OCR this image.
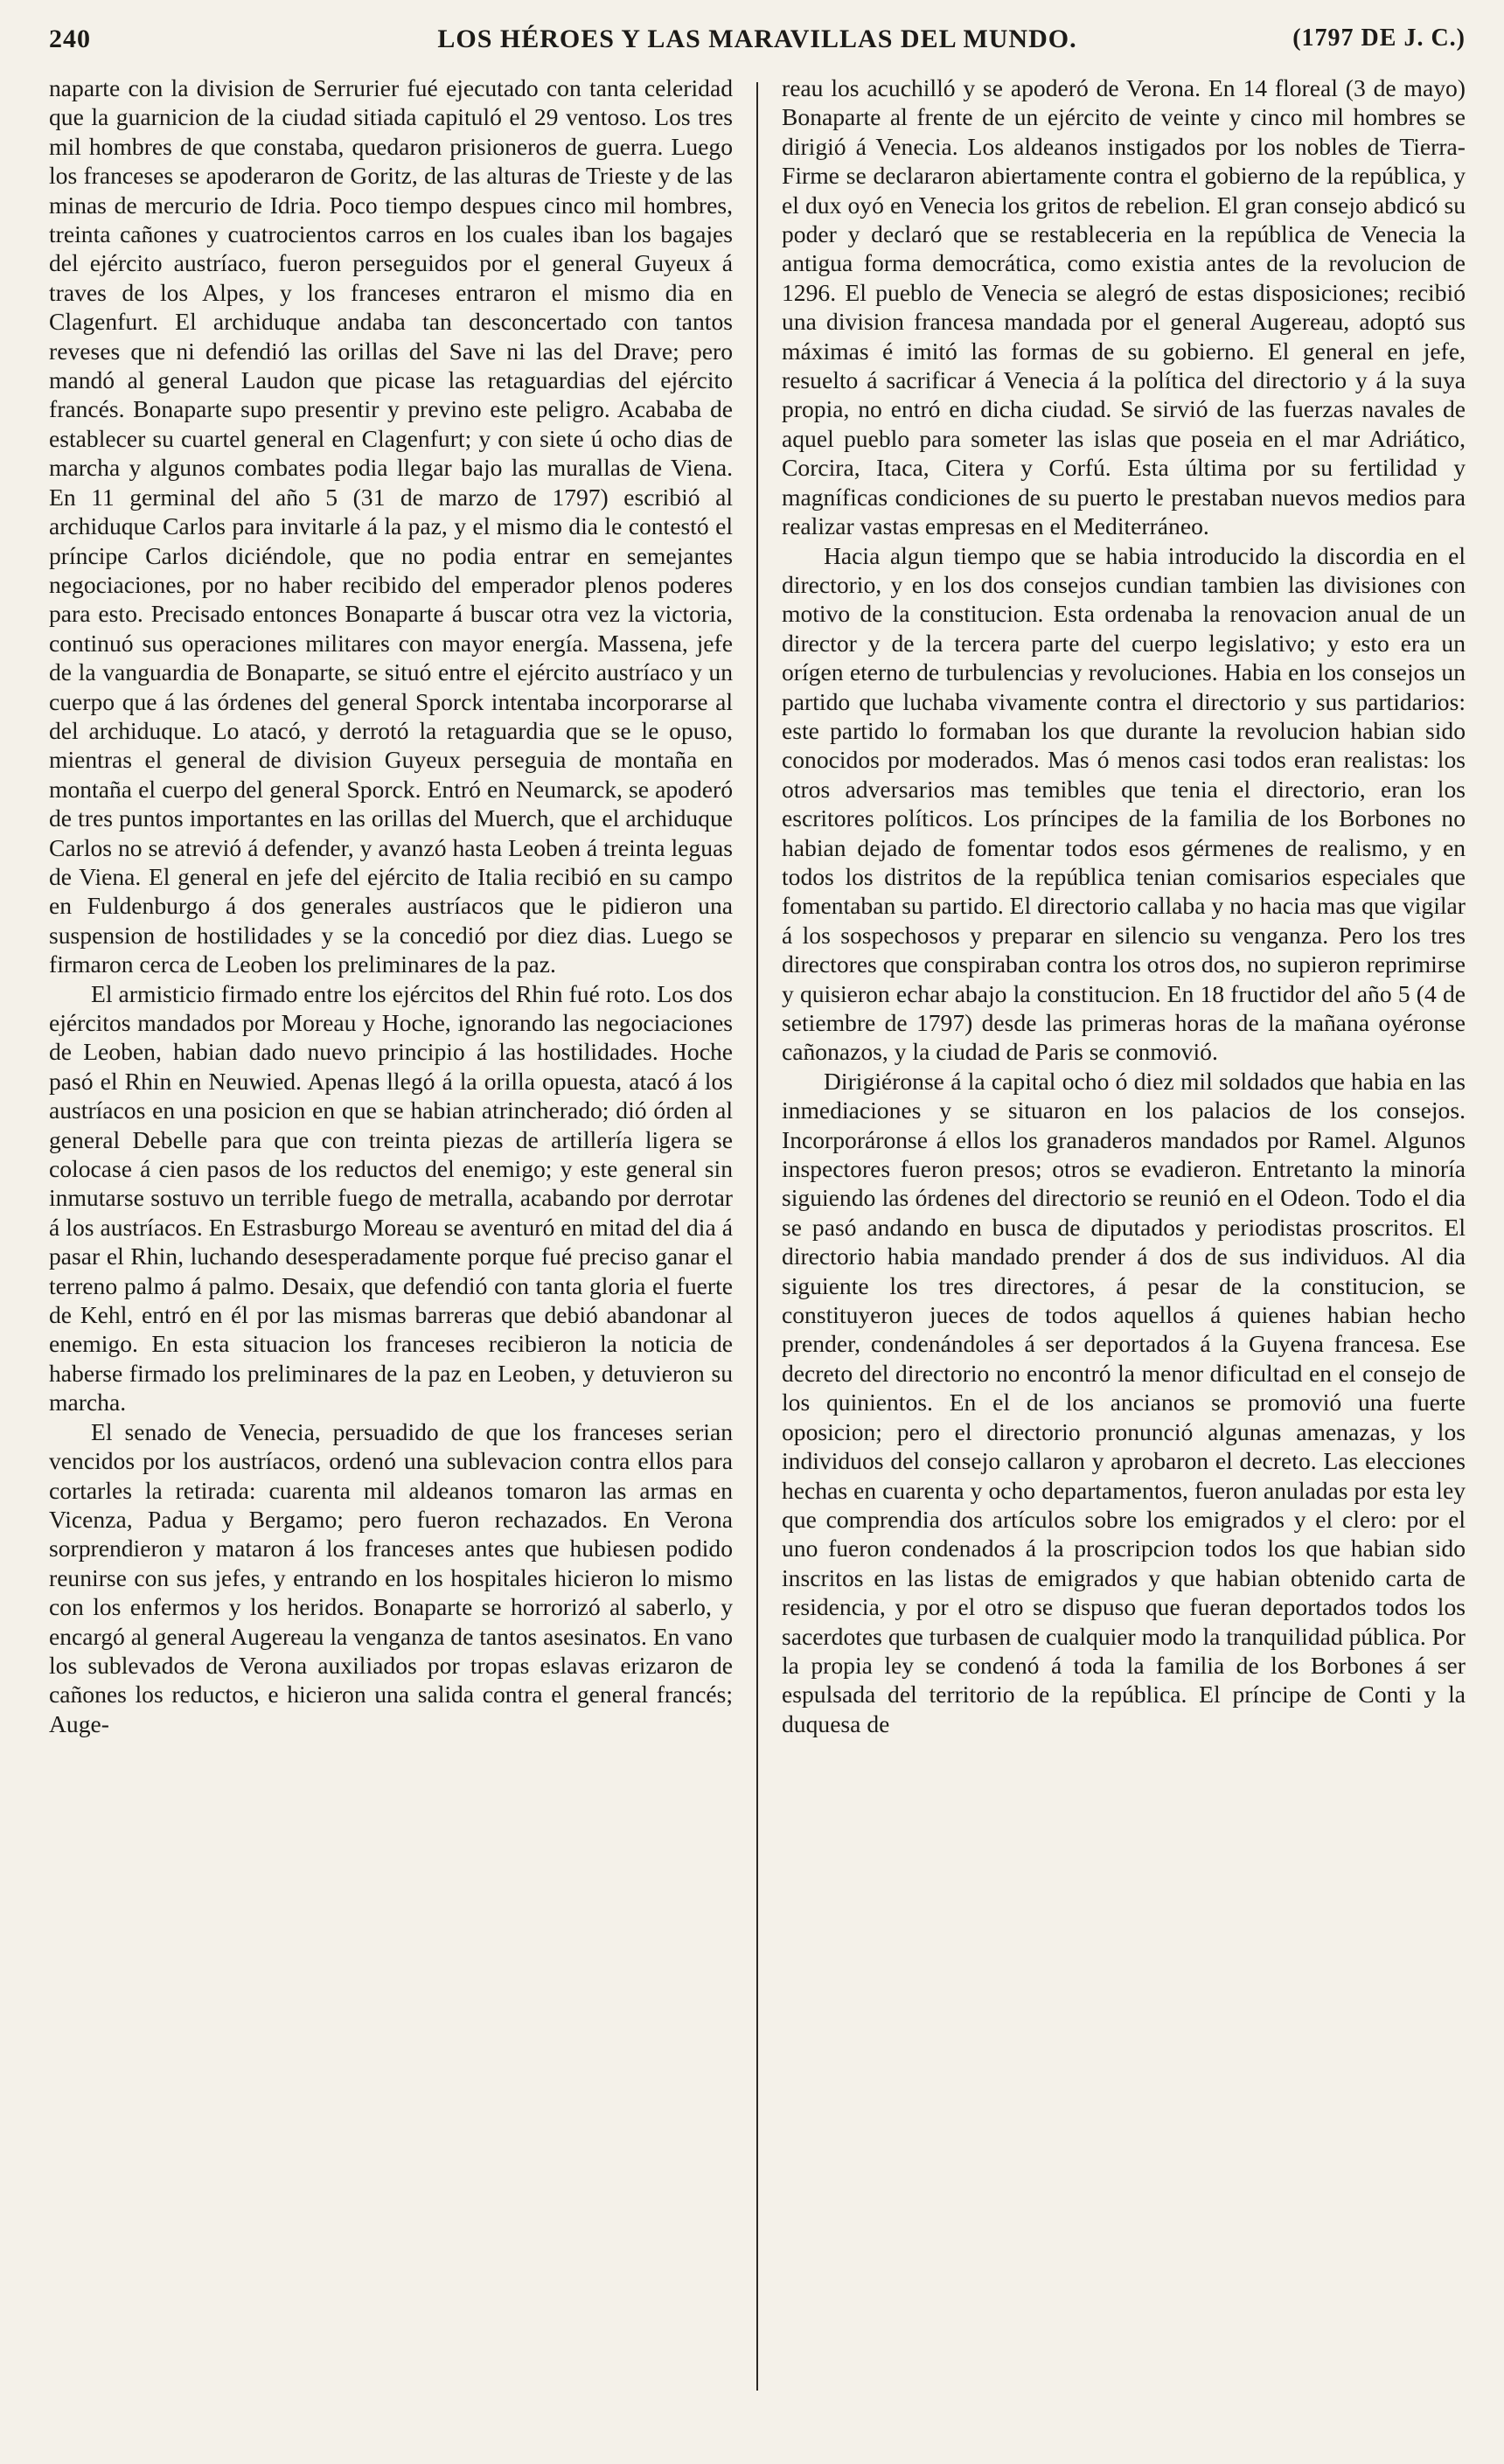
240	LOS HÉROES Y LAS MARAVILLAS DEL MUNDO.	(1797 DE J. C.)

naparte con la division de Serrurier fué ejecutado con tanta celeridad que la guarnicion de la ciudad sitiada capituló el 29 ventoso. Los tres mil hombres de que constaba, quedaron prisioneros de guerra. Luego los franceses se apoderaron de Goritz, de las alturas de Trieste y de las minas de mercurio de Idria. Poco tiempo despues cinco mil hombres, treinta cañones y cuatrocientos carros en los cuales iban los bagajes del ejército austríaco, fueron perseguidos por el general Guyeux á traves de los Alpes, y los franceses entraron el mismo dia en Clagenfurt. El archiduque andaba tan desconcertado con tantos reveses que ni defendió las orillas del Save ni las del Drave; pero mandó al general Laudon que picase las retaguardias del ejército francés. Bonaparte supo presentir y previno este peligro. Acababa de establecer su cuartel general en Clagenfurt; y con siete ú ocho dias de marcha y algunos combates podia llegar bajo las murallas de Viena. En 11 germinal del año 5 (31 de marzo de 1797) escribió al archiduque Carlos para invitarle á la paz, y el mismo dia le contestó el príncipe Carlos diciéndole, que no podia entrar en semejantes negociaciones, por no haber recibido del emperador plenos poderes para esto. Precisado entonces Bonaparte á buscar otra vez la victoria, continuó sus operaciones militares con mayor energía. Massena, jefe de la vanguardia de Bonaparte, se situó entre el ejército austríaco y un cuerpo que á las órdenes del general Sporck intentaba incorporarse al del archiduque. Lo atacó, y derrotó la retaguardia que se le opuso, mientras el general de division Guyeux perseguia de montaña en montaña el cuerpo del general Sporck. Entró en Neumarck, se apoderó de tres puntos importantes en las orillas del Muerch, que el archiduque Carlos no se atrevió á defender, y avanzó hasta Leoben á treinta leguas de Viena. El general en jefe del ejército de Italia recibió en su campo en Fuldenburgo á dos generales austríacos que le pidieron una suspension de hostilidades y se la concedió por diez dias. Luego se firmaron cerca de Leoben los preliminares de la paz.

El armisticio firmado entre los ejércitos del Rhin fué roto. Los dos ejércitos mandados por Moreau y Hoche, ignorando las negociaciones de Leoben, habian dado nuevo principio á las hostilidades. Hoche pasó el Rhin en Neuwied. Apenas llegó á la orilla opuesta, atacó á los austríacos en una posicion en que se habian atrincherado; dió órden al general Debelle para que con treinta piezas de artillería ligera se colocase á cien pasos de los reductos del enemigo; y este general sin inmutarse sostuvo un terrible fuego de metralla, acabando por derrotar á los austríacos. En Estrasburgo Moreau se aventuró en mitad del dia á pasar el Rhin, luchando desesperadamente porque fué preciso ganar el terreno palmo á palmo. Desaix, que defendió con tanta gloria el fuerte de Kehl, entró en él por las mismas barreras que debió abandonar al enemigo. En esta situacion los franceses recibieron la noticia de haberse firmado los preliminares de la paz en Leoben, y detuvieron su marcha.

El senado de Venecia, persuadido de que los franceses serian vencidos por los austríacos, ordenó una sublevacion contra ellos para cortarles la retirada: cuarenta mil aldeanos tomaron las armas en Vicenza, Padua y Bergamo; pero fueron rechazados. En Verona sorprendieron y mataron á los franceses antes que hubiesen podido reunirse con sus jefes, y entrando en los hospitales hicieron lo mismo con los enfermos y los heridos. Bonaparte se horrorizó al saberlo, y encargó al general Augereau la venganza de tantos asesinatos. En vano los sublevados de Verona auxiliados por tropas eslavas erizaron de cañones los reductos, e hicieron una salida contra el general francés; Auge-

reau los acuchilló y se apoderó de Verona. En 14 floreal (3 de mayo) Bonaparte al frente de un ejército de veinte y cinco mil hombres se dirigió á Venecia. Los aldeanos instigados por los nobles de Tierra-Firme se declararon abiertamente contra el gobierno de la república, y el dux oyó en Venecia los gritos de rebelion. El gran consejo abdicó su poder y declaró que se restableceria en la república de Venecia la antigua forma democrática, como existia antes de la revolucion de 1296. El pueblo de Venecia se alegró de estas disposiciones; recibió una division francesa mandada por el general Augereau, adoptó sus máximas é imitó las formas de su gobierno. El general en jefe, resuelto á sacrificar á Venecia á la política del directorio y á la suya propia, no entró en dicha ciudad. Se sirvió de las fuerzas navales de aquel pueblo para someter las islas que poseia en el mar Adriático, Corcira, Itaca, Citera y Corfú. Esta última por su fertilidad y magníficas condiciones de su puerto le prestaban nuevos medios para realizar vastas empresas en el Mediterráneo.

Hacia algun tiempo que se habia introducido la discordia en el directorio, y en los dos consejos cundian tambien las divisiones con motivo de la constitucion. Esta ordenaba la renovacion anual de un director y de la tercera parte del cuerpo legislativo; y esto era un orígen eterno de turbulencias y revoluciones. Habia en los consejos un partido que luchaba vivamente contra el directorio y sus partidarios: este partido lo formaban los que durante la revolucion habian sido conocidos por moderados. Mas ó menos casi todos eran realistas: los otros adversarios mas temibles que tenia el directorio, eran los escritores políticos. Los príncipes de la familia de los Borbones no habian dejado de fomentar todos esos gérmenes de realismo, y en todos los distritos de la república tenian comisarios especiales que fomentaban su partido. El directorio callaba y no hacia mas que vigilar á los sospechosos y preparar en silencio su venganza. Pero los tres directores que conspiraban contra los otros dos, no supieron reprimirse y quisieron echar abajo la constitucion. En 18 fructidor del año 5 (4 de setiembre de 1797) desde las primeras horas de la mañana oyéronse cañonazos, y la ciudad de Paris se conmovió.

Dirigiéronse á la capital ocho ó diez mil soldados que habia en las inmediaciones y se situaron en los palacios de los consejos. Incorporáronse á ellos los granaderos mandados por Ramel. Algunos inspectores fueron presos; otros se evadieron. Entretanto la minoría siguiendo las órdenes del directorio se reunió en el Odeon. Todo el dia se pasó andando en busca de diputados y periodistas proscritos. El directorio habia mandado prender á dos de sus individuos. Al dia siguiente los tres directores, á pesar de la constitucion, se constituyeron jueces de todos aquellos á quienes habian hecho prender, condenándoles á ser deportados á la Guyena francesa. Ese decreto del directorio no encontró la menor dificultad en el consejo de los quinientos. En el de los ancianos se promovió una fuerte oposicion; pero el directorio pronunció algunas amenazas, y los individuos del consejo callaron y aprobaron el decreto. Las elecciones hechas en cuarenta y ocho departamentos, fueron anuladas por esta ley que comprendia dos artículos sobre los emigrados y el clero: por el uno fueron condenados á la proscripcion todos los que habian sido inscritos en las listas de emigrados y que habian obtenido carta de residencia, y por el otro se dispuso que fueran deportados todos los sacerdotes que turbasen de cualquier modo la tranquilidad pública. Por la propia ley se condenó á toda la familia de los Borbones á ser espulsada del territorio de la república. El príncipe de Conti y la duquesa de
